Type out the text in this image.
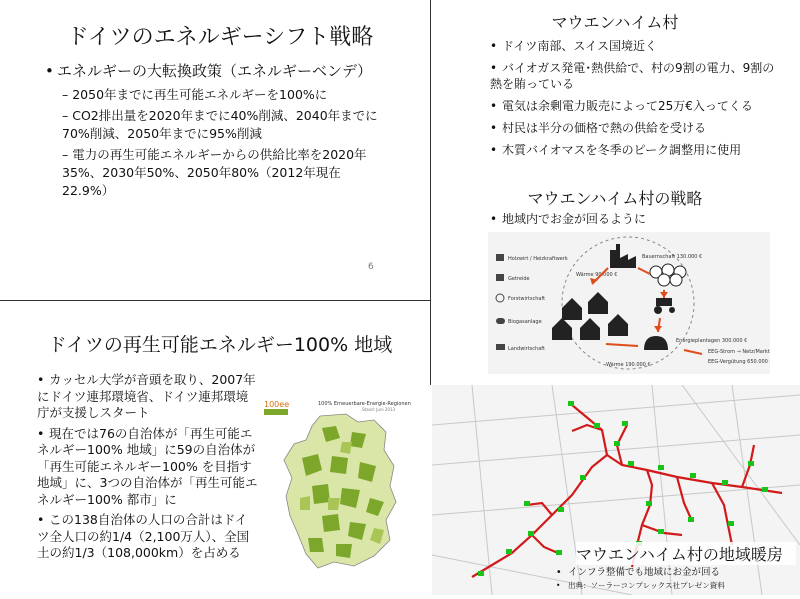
ドイツのエネルギーシフト戦略
• エネルギーの大転換政策（エネルギーベンデ）
– 2050年までに再生可能エネルギーを100%に
– CO2排出量を2020年までに40%削減、2040年までに70%削減、2050年までに95%削減
– 電力の再生可能エネルギーからの供給比率を2020年35%、2030年50%、2050年80%（2012年現在22.9%）
6
マウエンハイム村
• ドイツ南部、スイス国境近く
• バイオガス発電･熱供給で、村の9割の電力、9割の熱を賄っている
• 電気は余剰電力販売によって25万€入ってくる
• 村民は半分の価格で熱の供給を受ける
• 木質バイオマスを冬季のピーク調整用に使用
マウエンハイム村の戦略
• 地域内でお金が回るように
Holzwirt / Heizkraftwerk
Getreide
Forstwirtschaft
Biogasanlage
Landwirtschaft
Bauernschaft 130.000 €
Energieplantagen 300.000 €
EEG-Strom → Netz/Markt
EEG-Vergütung 650.000 €
Wärme 90.000 €
Wärme 190.000 €
ドイツの再生可能エネルギー100% 地域
• カッセル大学が音頭を取り、2007年にドイツ連邦環境省、ドイツ連邦環境庁が支援しスタート
• 現在では76の自治体が「再生可能エネルギー100% 地域」に59の自治体が「再生可能エネルギー100% を目指す地域」に、3つの自治体が「再生可能エネルギー100% 都市」に
• この138自治体の人口の合計はドイツ全人口の約1/4（2,100万人）、全国土の約1/3（108,000km）を占める
100ee	100% Erneuerbare-Energie-Regionen
Stand: Juni 2013
マウエンハイム村の地域暖房
• インフラ整備でも地域にお金が回る
• 出典：ソーラーコンプレックス社プレゼン資料
